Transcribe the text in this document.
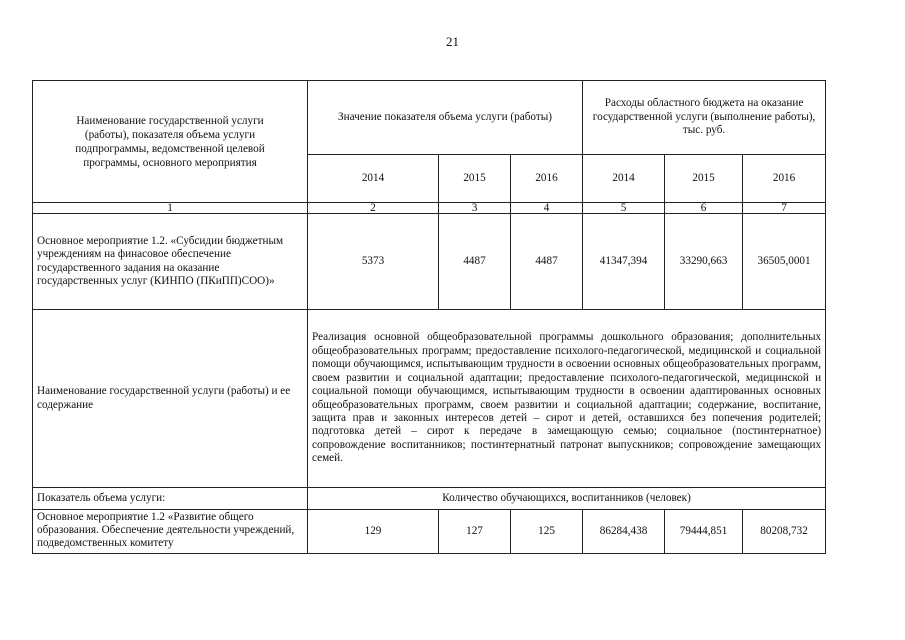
21
Наименование государственной услуги (работы), показателя объема услуги подпрограммы, ведомственной целевой программы, основного мероприятия	Значение показателя объема услуги (работы)			Расходы областного бюджета на оказание
государственной услуги (выполнение работы),
тыс. руб.		

	2014	2015	2016	2014	2015	2016
1	2	3	4	5	6	7
Основное мероприятие 1.2. «Субсидии бюджетным учреждениям на финасовое обеспечение государственного задания на оказание государственных услуг (КИНПО (ПКиПП)СОО)»	5373	4487	4487	41347,394	33290,663	36505,0001
Наименование государственной услуги (работы) и ее содержание	Реализация основной общеобразовательной программы дошкольного образования; дополнительных общеобразовательных программ; предоставление психолого-педагогической, медицинской и социальной помощи обучающимся, испытывающим трудности в освоении основных общеобразовательных программ, своем развитии и социальной адаптации; предоставление психолого-педагогической, медицинской и социальной помощи обучающимся, испытывающим трудности в освоении адаптированных основных общеобразовательных программ, своем развитии и социальной адаптации; содержание, воспитание, защита прав и законных интересов детей – сирот и детей, оставшихся без попечения родителей; подготовка детей – сирот к передаче в замещающую семью; социальное (постинтернатное) сопровождение воспитанников; постинтернатный патронат выпускников; сопровождение замещающих семей.					
Показатель объема услуги:	Количество обучающихся, воспитанников (человек)					
Основное мероприятие 1.2 «Развитие общего образования. Обеспечение деятельности учреждений, подведомственных комитету	129	127	125	86284,438	79444,851	80208,732
